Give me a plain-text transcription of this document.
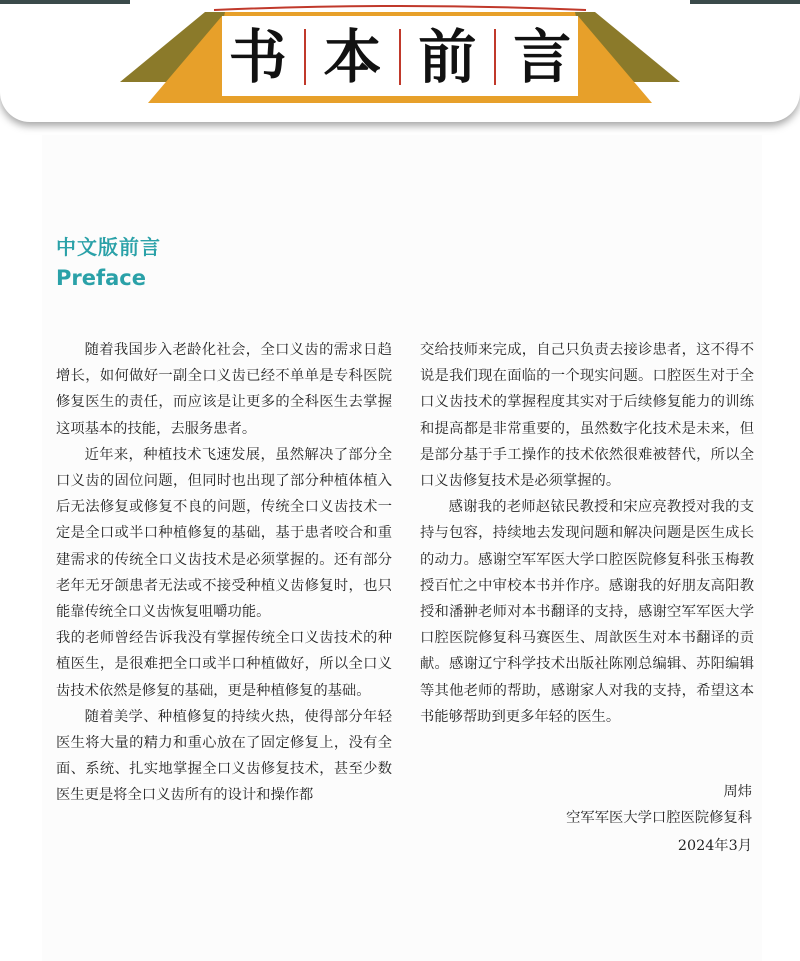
书 本 前 言
中文版前言
Preface

随着我国步入老龄化社会，全口义齿的需求日趋增长，如何做好一副全口义齿已经不单单是专科医院修复医生的责任，而应该是让更多的全科医生去掌握这项基本的技能，去服务患者。

近年来，种植技术飞速发展，虽然解决了部分全口义齿的固位问题，但同时也出现了部分种植体植入后无法修复或修复不良的问题，传统全口义齿技术一定是全口或半口种植修复的基础，基于患者咬合和重建需求的传统全口义齿技术是必须掌握的。还有部分老年无牙颌患者无法或不接受种植义齿修复时，也只能靠传统全口义齿恢复咀嚼功能。

我的老师曾经告诉我没有掌握传统全口义齿技术的种植医生，是很难把全口或半口种植做好，所以全口义齿技术依然是修复的基础，更是种植修复的基础。

随着美学、种植修复的持续火热，使得部分年轻医生将大量的精力和重心放在了固定修复上，没有全面、系统、扎实地掌握全口义齿修复技术，甚至少数医生更是将全口义齿所有的设计和操作都

交给技师来完成，自己只负责去接诊患者，这不得不说是我们现在面临的一个现实问题。口腔医生对于全口义齿技术的掌握程度其实对于后续修复能力的训练和提高都是非常重要的，虽然数字化技术是未来，但是部分基于手工操作的技术依然很难被替代，所以全口义齿修复技术是必须掌握的。

感谢我的老师赵铱民教授和宋应亮教授对我的支持与包容，持续地去发现问题和解决问题是医生成长的动力。感谢空军军医大学口腔医院修复科张玉梅教授百忙之中审校本书并作序。感谢我的好朋友高阳教授和潘翀老师对本书翻译的支持，感谢空军军医大学口腔医院修复科马赛医生、周歆医生对本书翻译的贡献。感谢辽宁科学技术出版社陈刚总编辑、苏阳编辑等其他老师的帮助，感谢家人对我的支持，希望这本书能够帮助到更多年轻的医生。

周炜
空军军医大学口腔医院修复科
2024年3月
